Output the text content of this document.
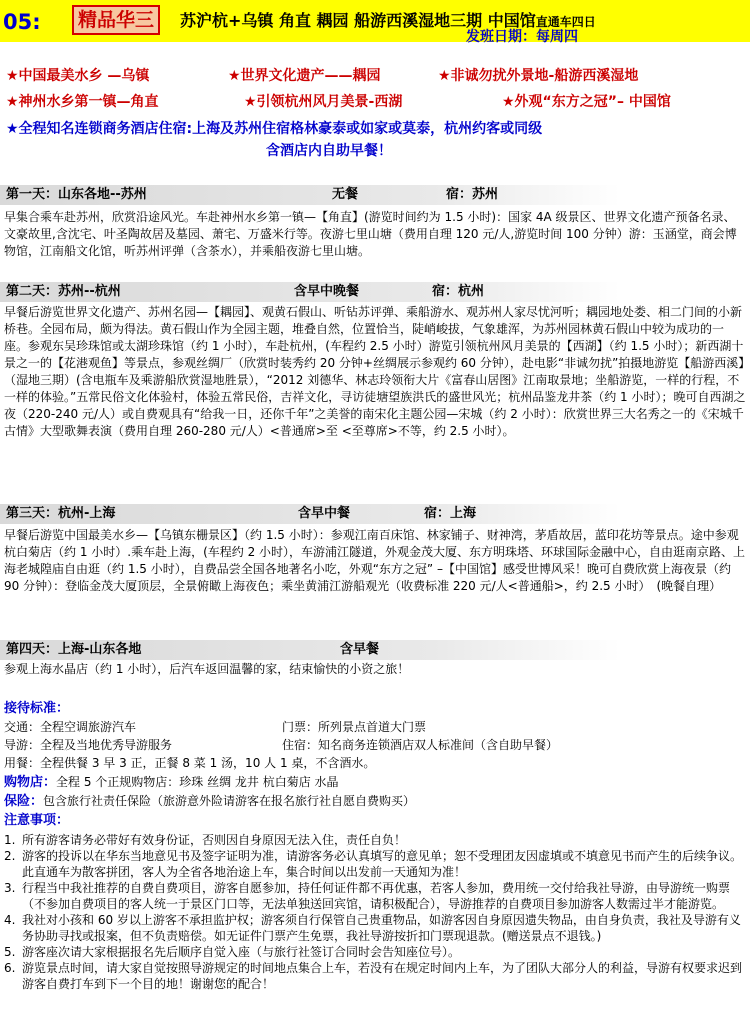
05:	精品华三	苏沪杭+乌镇 角直 耦园 船游西溪湿地三期 中国馆直通车四日
发班日期：每周四
★中国最美水乡 —乌镇	★世界文化遗产——耦园	★非诚勿扰外景地-船游西溪湿地
★神州水乡第一镇—角直	★引领杭州风月美景-西湖	★外观“东方之冠”– 中国馆
★全程知名连锁商务酒店住宿:上海及苏州住宿格林豪泰或如家或莫泰，杭州约客或同级
含酒店内自助早餐！
第一天：山东各地--苏州	无餐	宿：苏州
早集合乘车赴苏州，欣赏沿途风光。车赴神州水乡第一镇—【角直】(游览时间约为 1.5 小时)：国家 4A 级景区、世界文化遗产预备名录、文豪故里,含沈宅、叶圣陶故居及墓园、萧宅、万盛米行等。夜游七里山塘（费用自理 120 元/人,游览时间 100 分钟）游：玉涵堂，商会博物馆，江南船文化馆，听苏州评弹（含茶水），并乘船夜游七里山塘。
第二天：苏州--杭州	含早中晚餐	宿：杭州
早餐后游览世界文化遗产、苏州名园—【耦园】、观黄石假山、听钻苏评弹、乘船游水、观苏州人家尽忧河听；耦园地处娄、相二门间的小新桥巷。全园布局，颇为得法。黄石假山作为全园主题，堆叠自然，位置恰当，陡峭峻拔，气象雄浑，为苏州园林黄石假山中较为成功的一座。参观东吴珍珠馆或太湖珍珠馆（约 1 小时），车赴杭州，(车程约 2.5 小时）游览引领杭州风月美景的【西湖】（约 1.5 小时）；新西湖十景之一的【花港观鱼】等景点，参观丝绸厂（欣赏时装秀约 20 分钟+丝绸展示参观约 60 分钟），赴电影“非诚勿扰”拍摄地游览【船游西溪】（湿地三期）(含电瓶车及乘游船欣赏湿地胜景），“2012 刘德华、林志玲领衔大片《富春山居图》江南取景地；坐船游览，一样的行程，不一样的体验。”五常民俗文化体验村，体验五常民俗，吉祥文化，寻访徒塘望族洪氏的盛世风光；杭州品鉴龙井茶（约 1 小时）；晚可自西湖之夜（220-240 元/人）或自费观具有“给我一日，还你千年”之美誉的南宋化主题公园—宋城（约 2 小时）：欣赏世界三大名秀之一的《宋城千古情》大型歌舞表演（费用自理 260-280 元/人）<普通席>至 <至尊席>不等，约 2.5 小时）。
第三天：杭州-上海	含早中餐	宿：上海
早餐后游览中国最美水乡—【乌镇东栅景区】（约 1.5 小时）：参观江南百床馆、林家铺子、财神湾，茅盾故居，蓝印花坊等景点。途中参观杭白菊店（约 1 小时）.乘车赴上海，(车程约 2 小时），车游浦江隧道，外观金茂大厦、东方明珠塔、环球国际金融中心，自由逛南京路、上海老城隍庙自由逛（约 1.5 小时），自费品尝全国各地著名小吃，外观“东方之冠” –【中国馆】感受世博风采！晚可自费欣赏上海夜景（约 90 分钟）：登临金茂大厦顶层，全景俯瞰上海夜色；乘坐黄浦江游船观光（收费标准 220 元/人<普通船>，约 2.5 小时）　(晚餐自理）
第四天：上海-山东各地	含早餐
参观上海水晶店（约 1 小时），后汽车返回温馨的家，结束愉快的小资之旅！
接待标准：
交通：全程空调旅游汽车	门票：所列景点首道大门票
导游：全程及当地优秀导游服务	住宿：知名商务连锁酒店双人标准间（含自助早餐）
用餐：全程供餐 3 早 3 正，正餐 8 菜 1 汤，10 人 1 桌，不含酒水。
购物店：全程 5 个正规购物店：珍珠 丝绸 龙井 杭白菊店 水晶
保险：包含旅行社责任保险（旅游意外险请游客在报名旅行社自愿自费购买）
注意事项：
1. 所有游客请务必带好有效身份证，否则因自身原因无法入住，责任自负！
2. 游客的投诉以在华东当地意见书及签字证明为准，请游客务必认真填写的意见单；恕不受理团友因虚填或不填意见书而产生的后续争议。 此直通车为散客拼团，客人为全省各地治途上车，集合时间以出发前一天通知为准！
3. 行程当中我社推荐的自费自费项目，游客自愿参加，持任何证件都不再优惠，若客人参加，费用统一交付给我社导游，由导游统一购票（不参加自费项目的客人统一于景区门口等，无法单独送回宾馆，请积极配合），导游推荐的自费项目参加游客人数需过半才能游览。
4. 我社对小孩和 60 岁以上游客不承担监护权；游客须自行保管自己贵重物品，如游客因自身原因遗失物品，由自身负责，我社及导游有义务协助寻找或报案，但不负责赔偿。如无证件门票产生免票，我社导游按折扣门票现退款。(赠送景点不退钱。)
5. 游客座次请大家根据报名先后顺序自觉入座（与旅行社签订合同时会告知座位号）。
6. 游览景点时间，请大家自觉按照导游规定的时间地点集合上车，若没有在规定时间内上车，为了团队大部分人的利益，导游有权要求迟到游客自费打车到下一个目的地！谢谢您的配合！
